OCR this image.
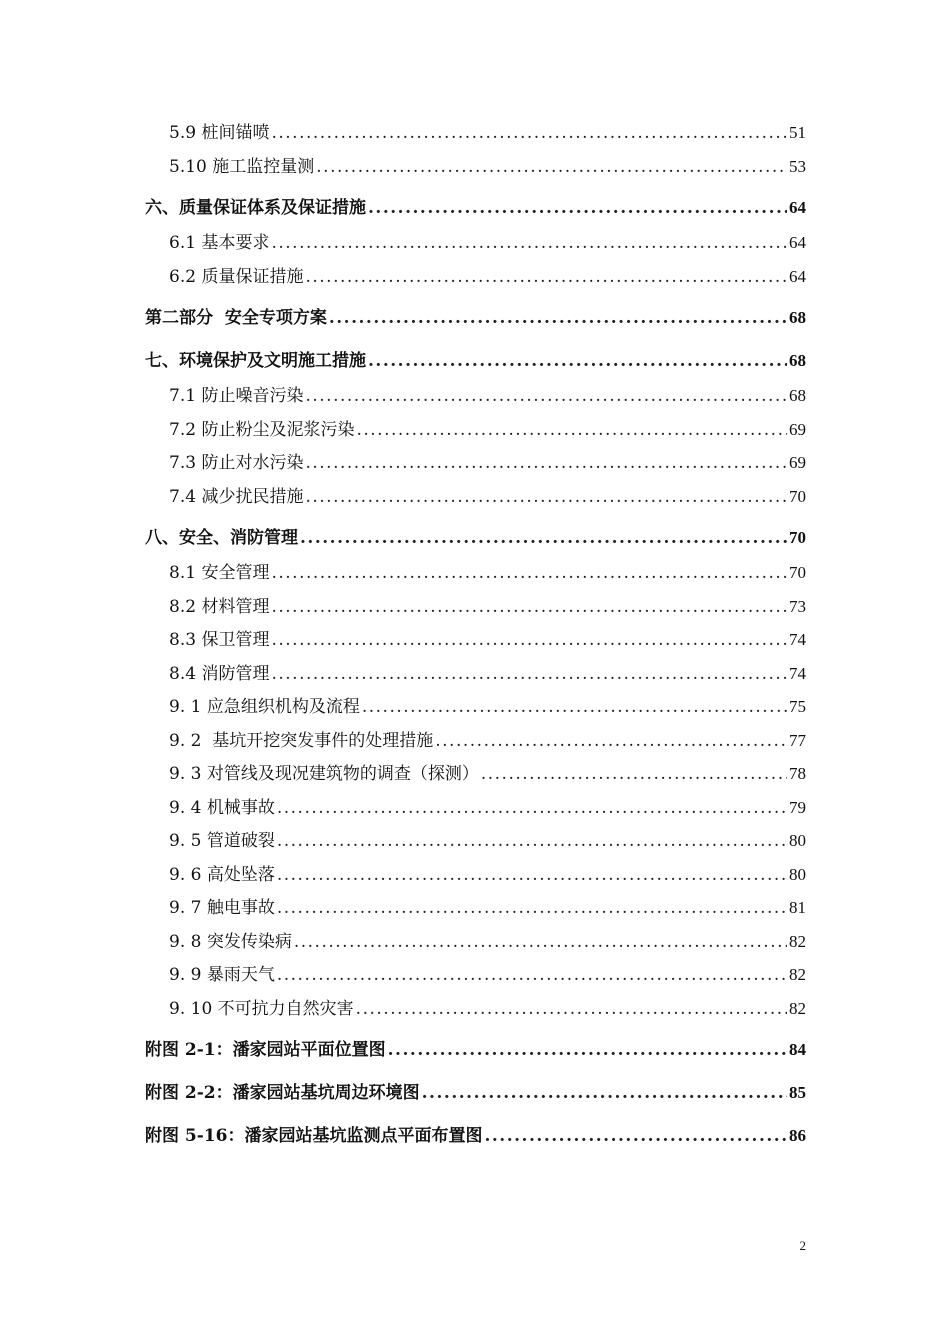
5.9 桩间锚喷 .....	51
5.10 施工监控量测 .....	53
六、质量保证体系及保证措施 .....	64
6.1 基本要求 .....	64
6.2 质量保证措施 .....	64
第二部分  安全专项方案 .....	68
七、环境保护及文明施工措施 .....	68
7.1 防止噪音污染 .....	68
7.2 防止粉尘及泥浆污染 .....	69
7.3 防止对水污染 .....	69
7.4 减少扰民措施 .....	70
八、安全、消防管理 .....	70
8.1 安全管理 .....	70
8.2 材料管理 .....	73
8.3 保卫管理 .....	74
8.4 消防管理 .....	74
9. 1 应急组织机构及流程 .....	75
9. 2  基坑开挖突发事件的处理措施 .....	77
9. 3 对管线及现况建筑物的调查（探测） .....	78
9. 4 机械事故 .....	79
9. 5 管道破裂 .....	80
9. 6 高处坠落 .....	80
9. 7 触电事故 .....	81
9. 8 突发传染病 .....	82
9. 9 暴雨天气 .....	82
9. 10 不可抗力自然灾害 .....	82
附图 2-1：潘家园站平面位置图 .....	84
附图 2-2：潘家园站基坑周边环境图 .....	85
附图 5-16：潘家园站基坑监测点平面布置图 .....	86
2
